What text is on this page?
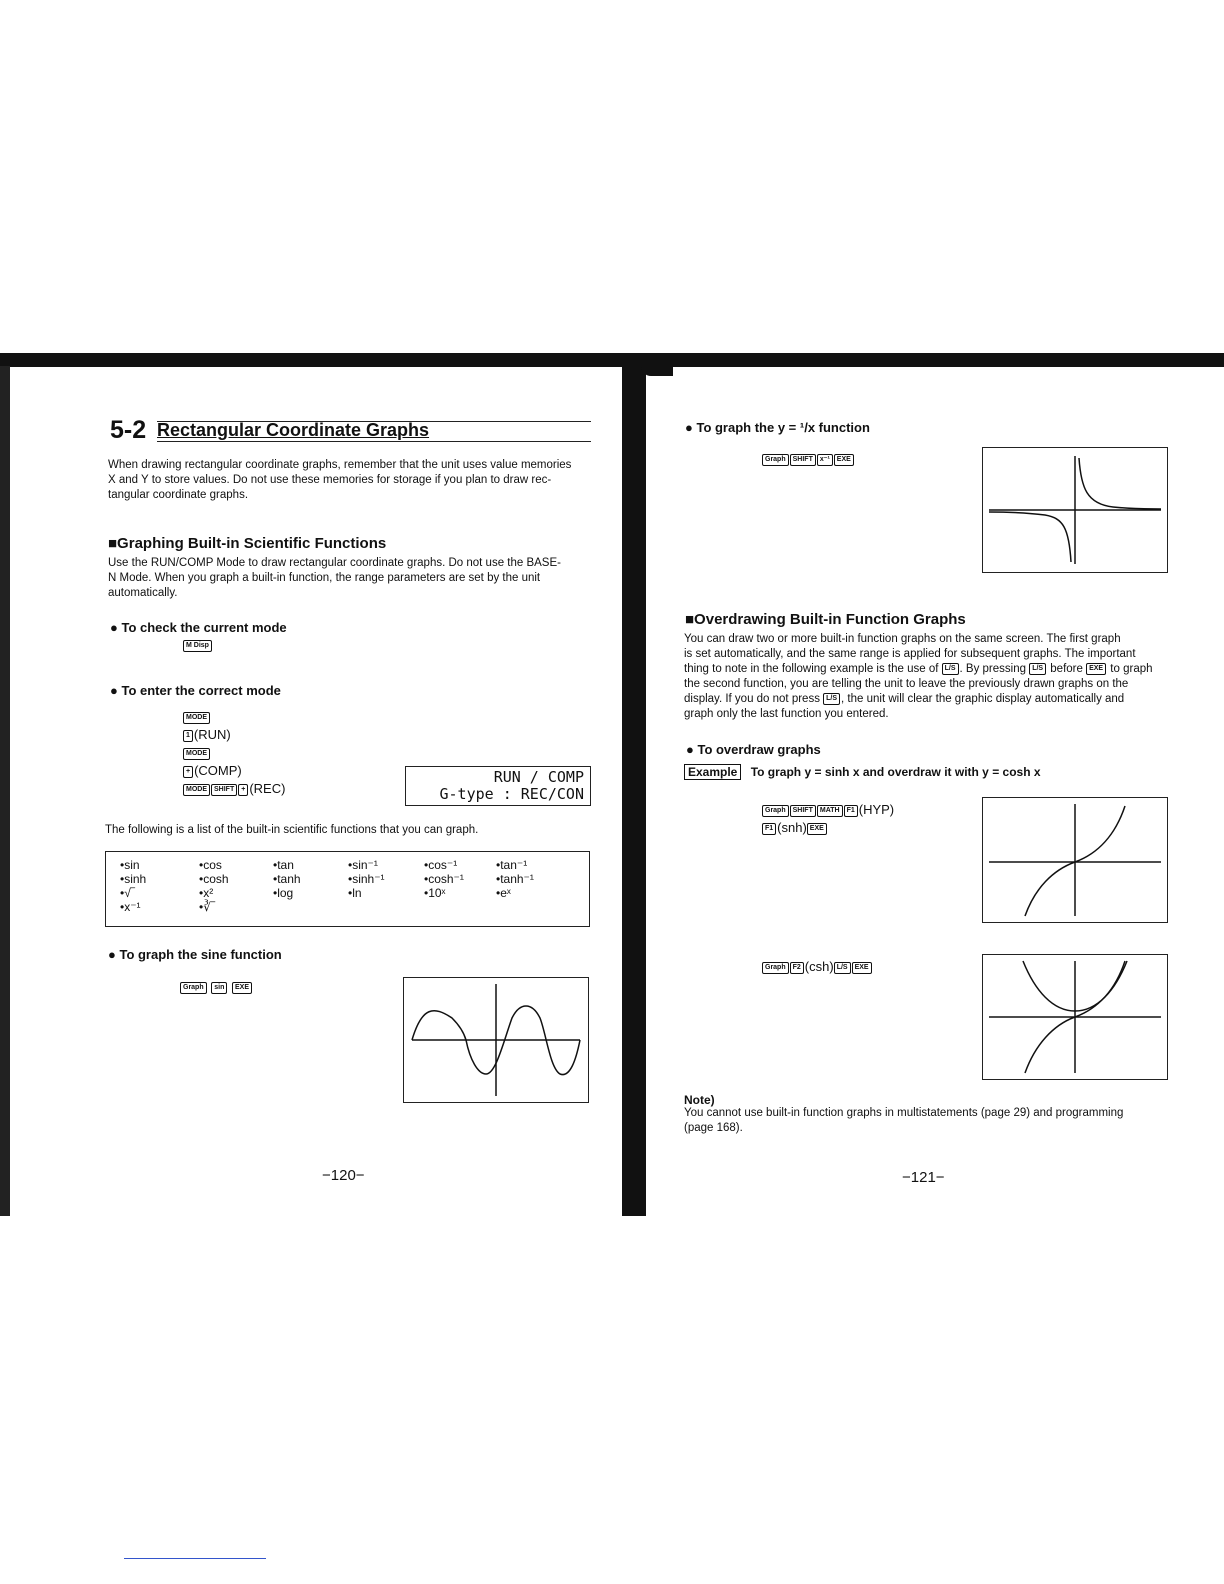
5-2 Rectangular Coordinate Graphs
When drawing rectangular coordinate graphs, remember that the unit uses value memories
X and Y to store values. Do not use these memories for storage if you plan to draw rec-
tangular coordinate graphs.
■Graphing Built-in Scientific Functions
Use the RUN/COMP Mode to draw rectangular coordinate graphs. Do not use the BASE-
N Mode. When you graph a built-in function, the range parameters are set by the unit
automatically.
● To check the current mode
M Disp
● To enter the correct mode
MODE
1 (RUN)
MODE
+ (COMP)
MODE SHIFT + (REC)
RUN / COMP
G-type : REC/CON
The following is a list of the built-in scientific functions that you can graph.
•sin
•sinh
•√‾
•x⁻¹
•cos
•cosh
•x²
•∛‾
•tan
•tanh
•log
•sin⁻¹
•sinh⁻¹
•ln
•cos⁻¹
•cosh⁻¹
•10ˣ
•tan⁻¹
•tanh⁻¹
•eˣ
● To graph the sine function
Graph sin EXE
−120−
● To graph the y = ¹/x function
Graph SHIFT x⁻¹ EXE
■Overdrawing Built-in Function Graphs
You can draw two or more built-in function graphs on the same screen. The first graph
is set automatically, and the same range is applied for subsequent graphs. The important
thing to note in the following example is the use of L/S . By pressing L/S before EXE to graph
the second function, you are telling the unit to leave the previously drawn graphs on the
display. If you do not press L/S , the unit will clear the graphic display automatically and
graph only the last function you entered.
● To overdraw graphs
Example To graph y = sinh x and overdraw it with y = cosh x
Graph SHIFT MATH F1 (HYP)
F1 (snh) EXE
Graph F2 (csh) L/S EXE
Note)
You cannot use built-in function graphs in multistatements (page 29) and programming
(page 168).
−121−
